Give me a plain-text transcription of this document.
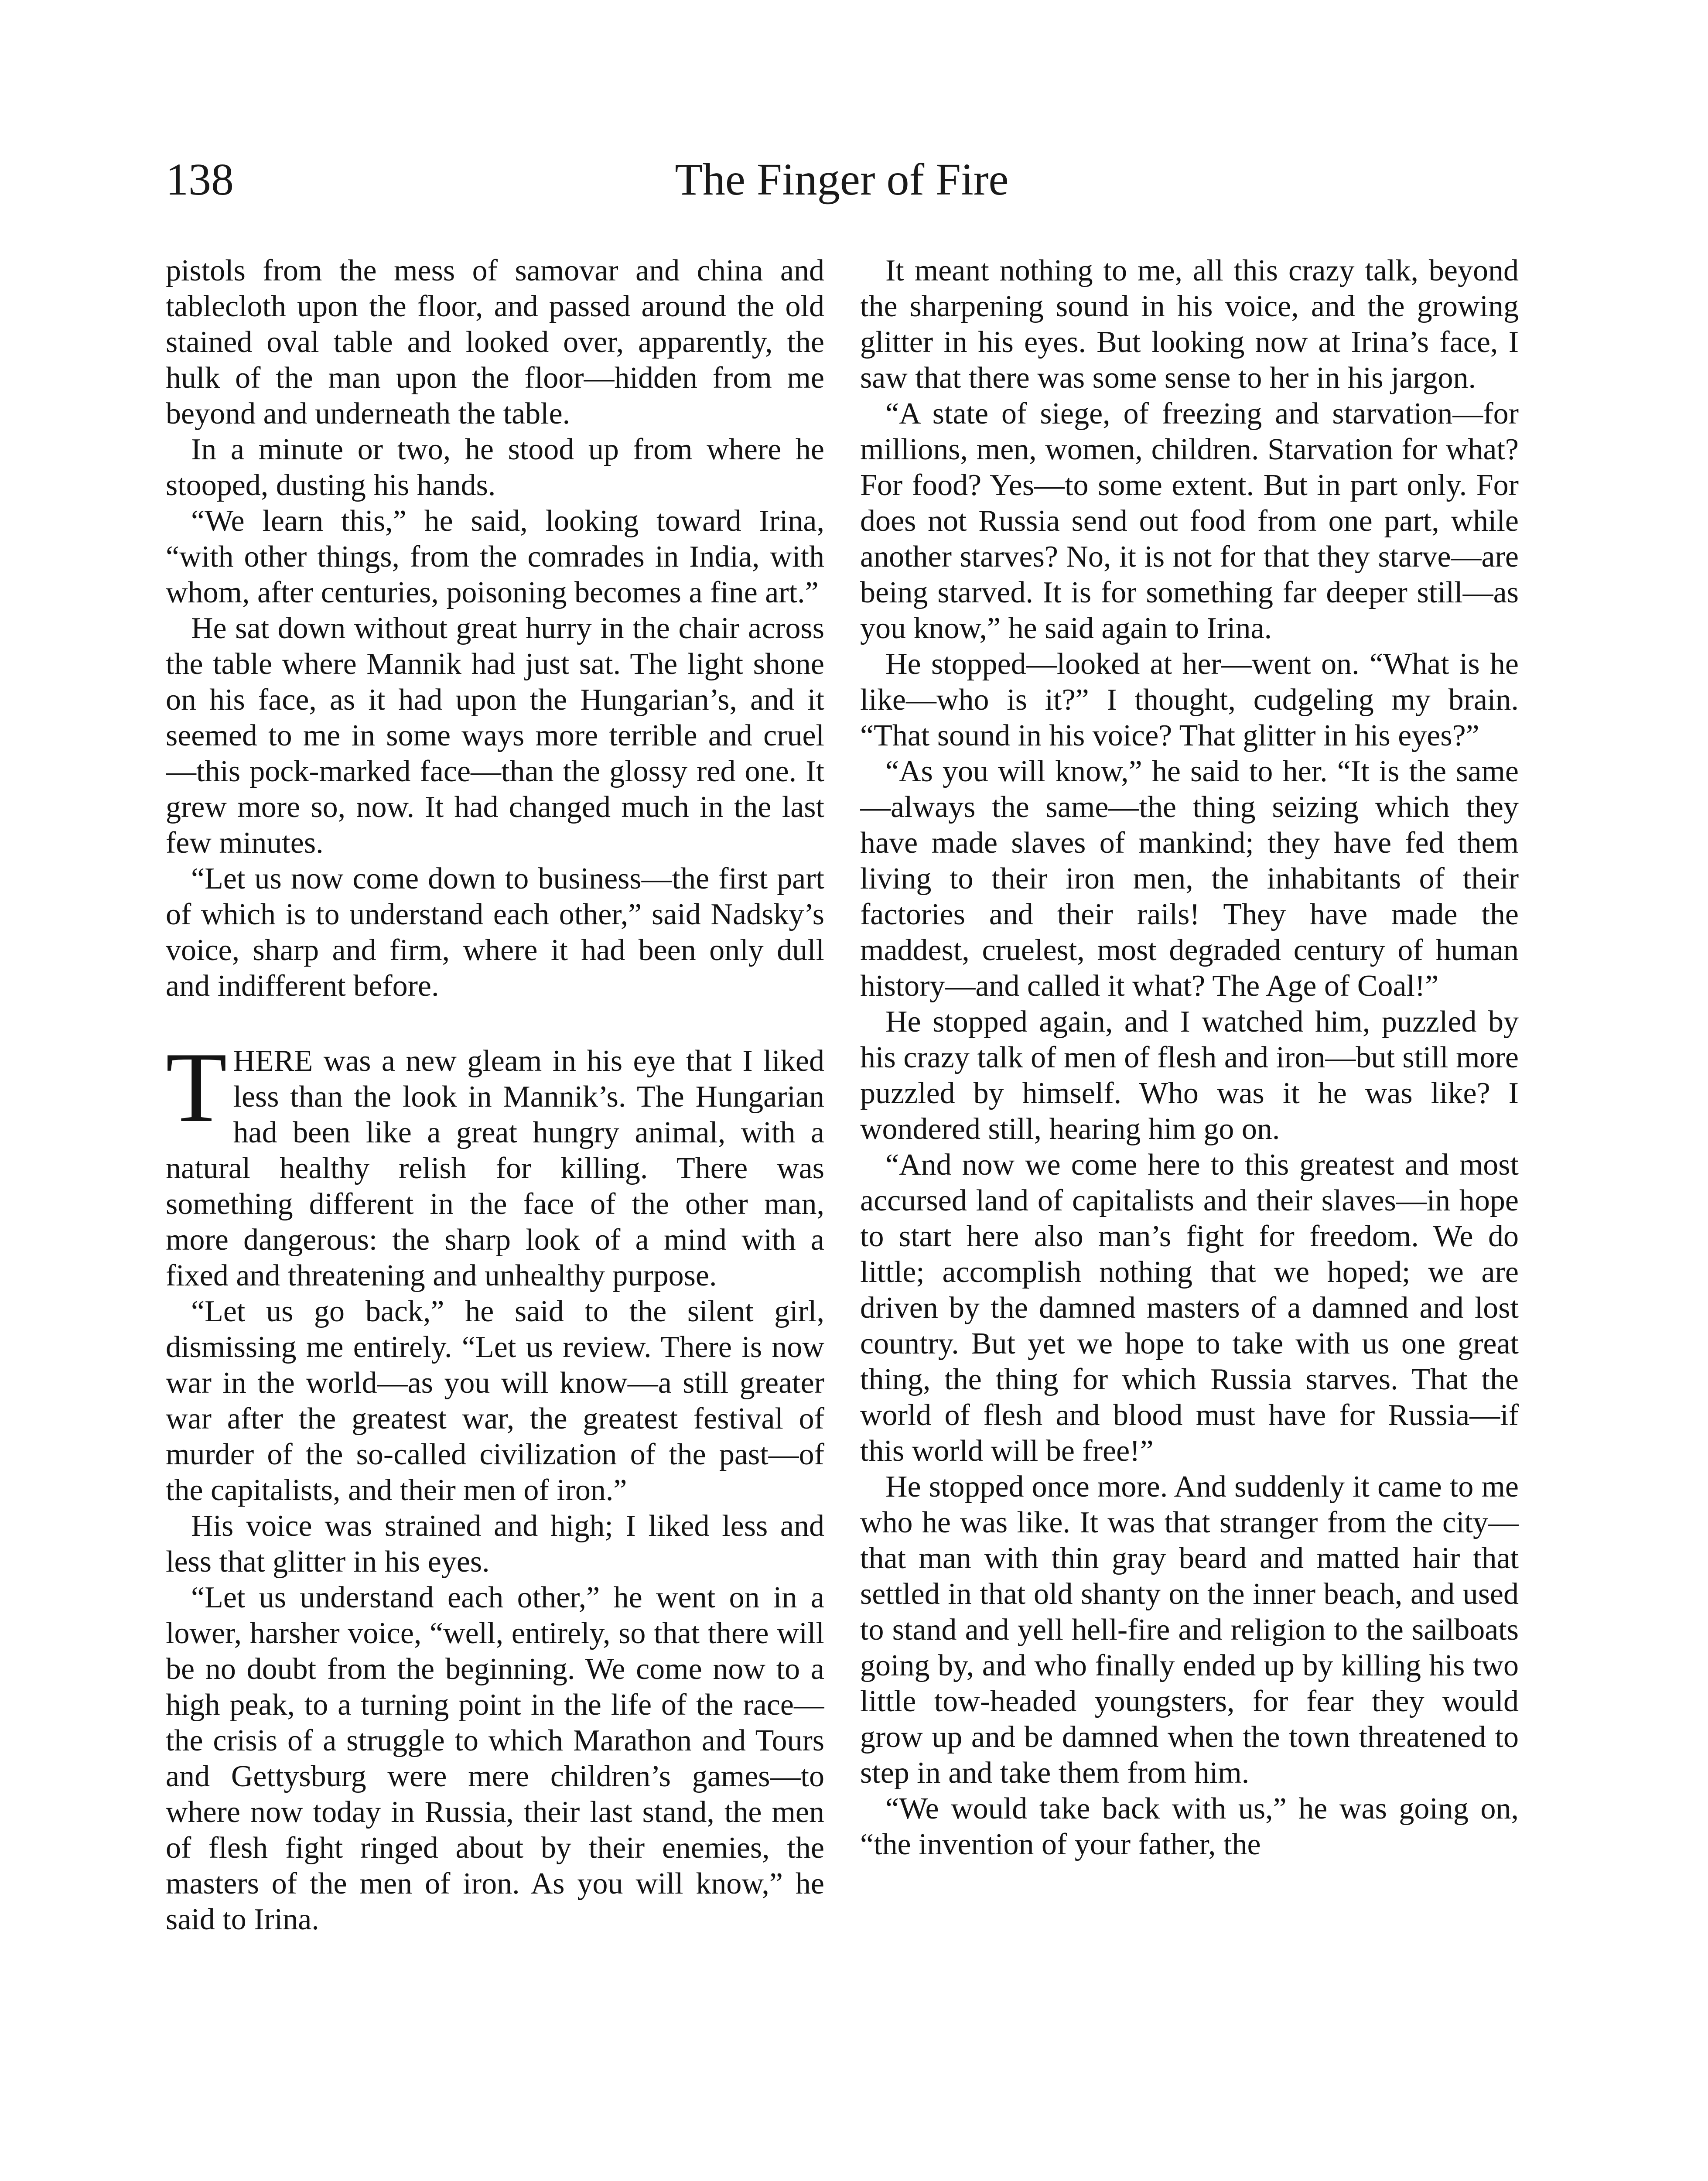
138	The Finger of Fire

pistols from the mess of samovar and china and tablecloth upon the floor, and passed around the old stained oval table and looked over, apparently, the hulk of the man upon the floor—hidden from me beyond and underneath the table.

In a minute or two, he stood up from where he stooped, dusting his hands.

“We learn this,” he said, looking toward Irina, “with other things, from the comrades in India, with whom, after centuries, poisoning becomes a fine art.”

He sat down without great hurry in the chair across the table where Mannik had just sat. The light shone on his face, as it had upon the Hungarian’s, and it seemed to me in some ways more terrible and cruel—this pock-marked face—than the glossy red one. It grew more so, now. It had changed much in the last few minutes.

“Let us now come down to business—the first part of which is to understand each other,” said Nadsky’s voice, sharp and firm, where it had been only dull and indifferent before.

THERE was a new gleam in his eye that I liked less than the look in Mannik’s. The Hungarian had been like a great hungry animal, with a natural healthy relish for killing. There was something different in the face of the other man, more dangerous: the sharp look of a mind with a fixed and threatening and unhealthy purpose.

“Let us go back,” he said to the silent girl, dismissing me entirely. “Let us review. There is now war in the world—as you will know—a still greater war after the greatest war, the greatest festival of murder of the so-called civilization of the past—of the capitalists, and their men of iron.”

His voice was strained and high; I liked less and less that glitter in his eyes.

“Let us understand each other,” he went on in a lower, harsher voice, “well, entirely, so that there will be no doubt from the beginning. We come now to a high peak, to a turning point in the life of the race—the crisis of a struggle to which Marathon and Tours and Gettysburg were mere children’s games—to where now today in Russia, their last stand, the men of flesh fight ringed about by their enemies, the masters of the men of iron. As you will know,” he said to Irina.

It meant nothing to me, all this crazy talk, beyond the sharpening sound in his voice, and the growing glitter in his eyes. But looking now at Irina’s face, I saw that there was some sense to her in his jargon.

“A state of siege, of freezing and starvation—for millions, men, women, children. Starvation for what? For food? Yes—to some extent. But in part only. For does not Russia send out food from one part, while another starves? No, it is not for that they starve—are being starved. It is for something far deeper still—as you know,” he said again to Irina.

He stopped—looked at her—went on. “What is he like—who is it?” I thought, cudgeling my brain. “That sound in his voice? That glitter in his eyes?”

“As you will know,” he said to her. “It is the same—always the same—the thing seizing which they have made slaves of mankind; they have fed them living to their iron men, the inhabitants of their factories and their rails! They have made the maddest, cruelest, most degraded century of human history—and called it what? The Age of Coal!”

He stopped again, and I watched him, puzzled by his crazy talk of men of flesh and iron—but still more puzzled by himself. Who was it he was like? I wondered still, hearing him go on.

“And now we come here to this greatest and most accursed land of capitalists and their slaves—in hope to start here also man’s fight for freedom. We do little; accomplish nothing that we hoped; we are driven by the damned masters of a damned and lost country. But yet we hope to take with us one great thing, the thing for which Russia starves. That the world of flesh and blood must have for Russia—if this world will be free!”

He stopped once more. And suddenly it came to me who he was like. It was that stranger from the city—that man with thin gray beard and matted hair that settled in that old shanty on the inner beach, and used to stand and yell hell-fire and religion to the sailboats going by, and who finally ended up by killing his two little tow-headed youngsters, for fear they would grow up and be damned when the town threatened to step in and take them from him.

“We would take back with us,” he was going on, “the invention of your father, the
